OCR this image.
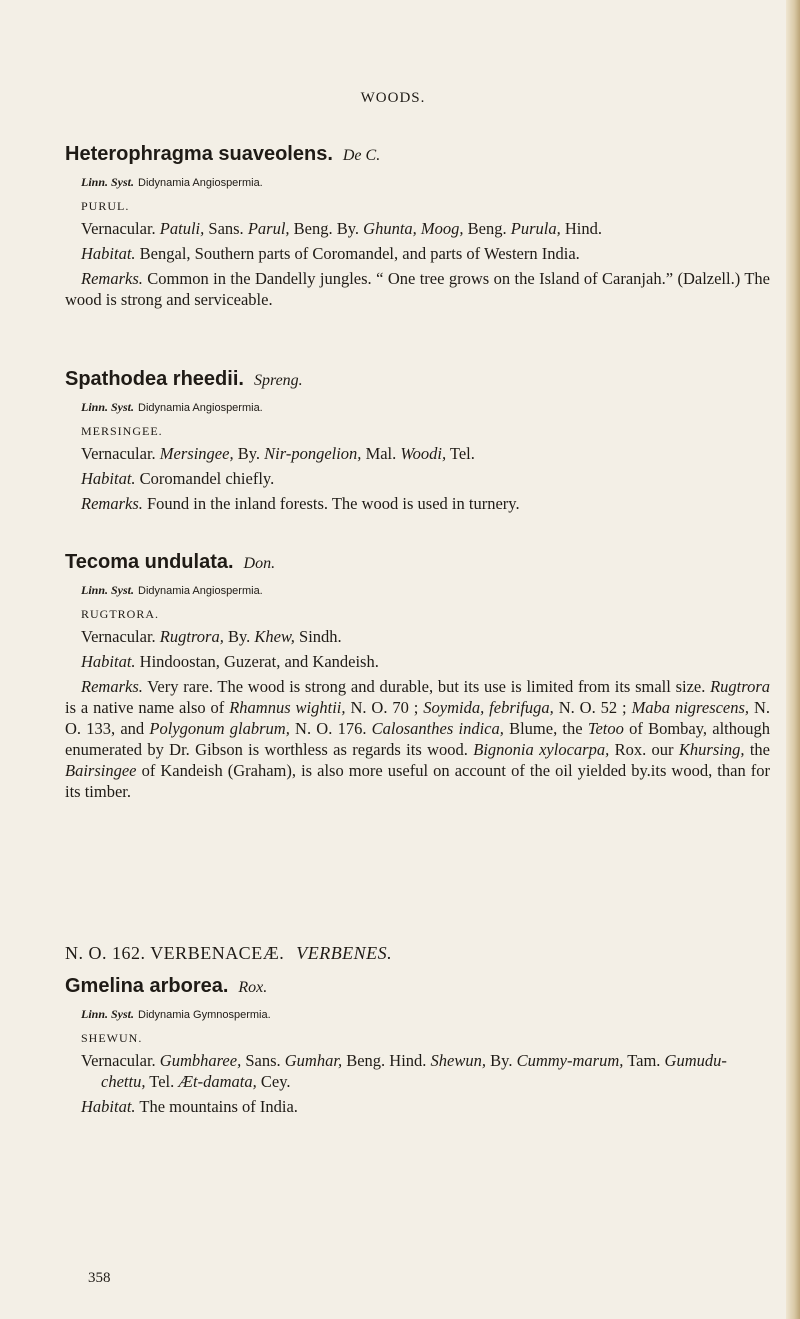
WOODS.
Heterophragma suaveolens. De C.
Linn. Syst. Didynamia Angiospermia.
PURUL.

Vernacular. Patuli, Sans. Parul, Beng. By. Ghunta, Moog, Beng. Purula, Hind.

Habitat. Bengal, Southern parts of Coromandel, and parts of Western India.

Remarks. Common in the Dandelly jungles. “ One tree grows on the Island of Caranjah.” (Dalzell.) The wood is strong and serviceable.

Spathodea rheedii. Spreng.
Linn. Syst. Didynamia Angiospermia.
MERSINGEE.

Vernacular. Mersingee, By. Nir-pongelion, Mal. Woodi, Tel.

Habitat. Coromandel chiefly.

Remarks. Found in the inland forests. The wood is used in turnery.

Tecoma undulata. Don.
Linn. Syst. Didynamia Angiospermia.
RUGTRORA.

Vernacular. Rugtrora, By. Khew, Sindh.

Habitat. Hindoostan, Guzerat, and Kandeish.

Remarks. Very rare. The wood is strong and durable, but its use is limited from its small size. Rugtrora is a native name also of Rhamnus wightii, N. O. 70 ; Soymida, febrifuga, N. O. 52 ; Maba nigrescens, N. O. 133, and Polygonum glabrum, N. O. 176. Calosanthes indica, Blume, the Tetoo of Bombay, although enumerated by Dr. Gibson is worthless as regards its wood. Bignonia xylocarpa, Rox. our Khursing, the Bairsingee of Kandeish (Graham), is also more useful on account of the oil yielded by.its wood, than for its timber.

N. O. 162. VERBENACEÆ. VERBENES.
Gmelina arborea. Rox.
Linn. Syst. Didynamia Gymnospermia.
SHEWUN.

Vernacular. Gumbharee, Sans. Gumhar, Beng. Hind. Shewun, By. Cummy-marum, Tam. Gumudu-chettu, Tel. Æt-damata, Cey.

Habitat. The mountains of India.

358
